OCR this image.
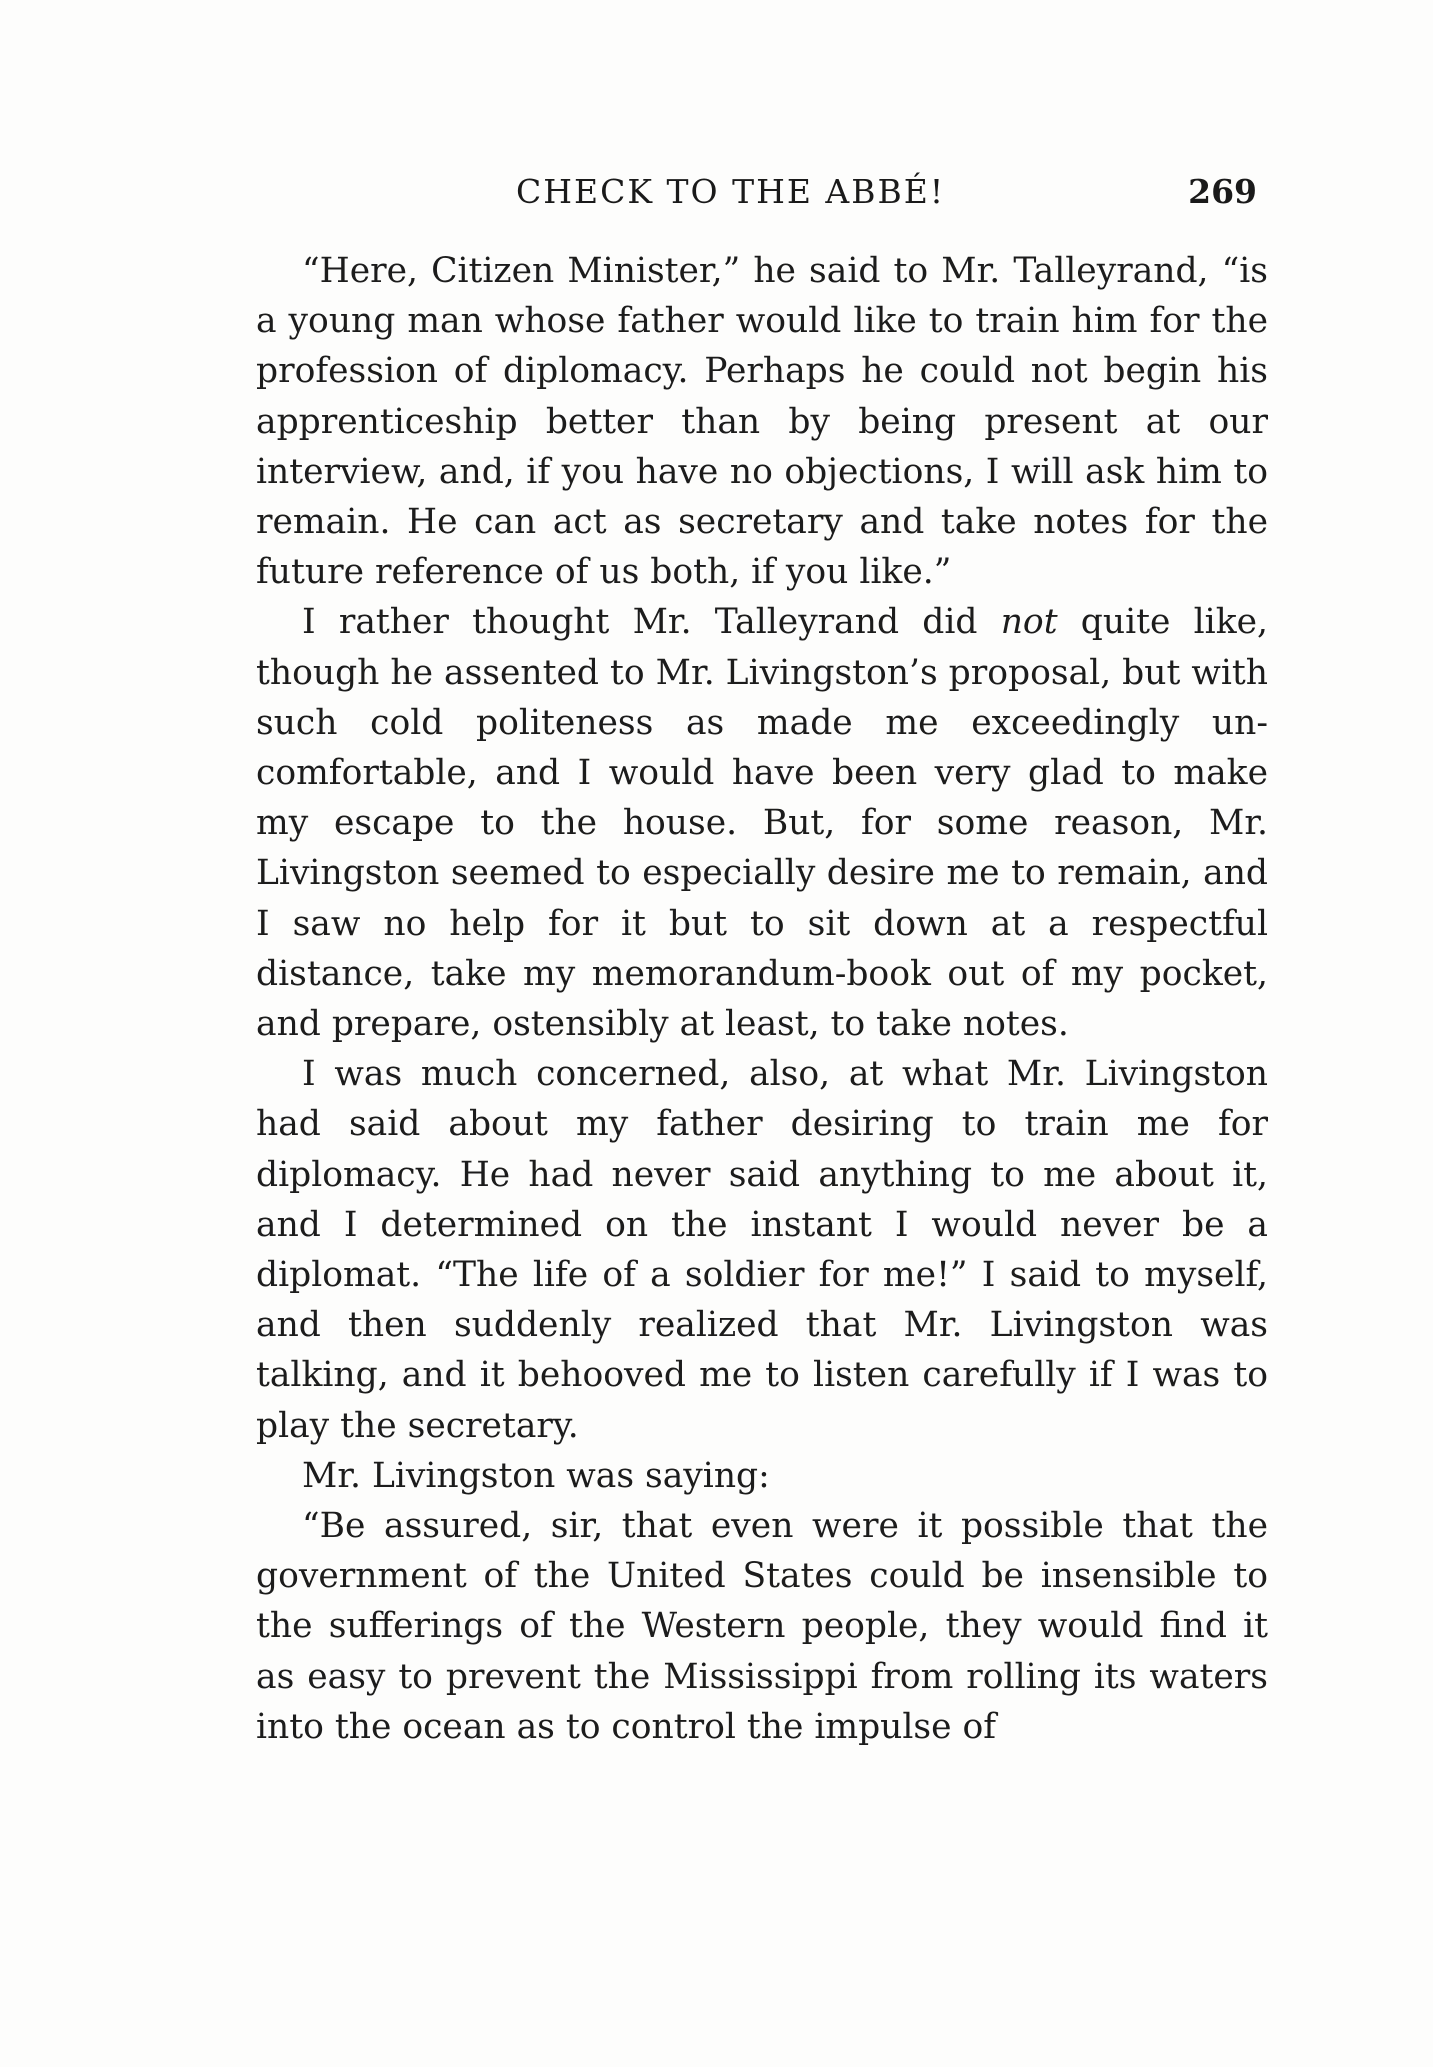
CHECK TO THE ABBÉ!	269

“Here, Citizen Minister,” he said to Mr. Talleyrand, “is a young man whose father would like to train him for the profession of diplomacy. Perhaps he could not begin his apprenticeship better than by being present at our interview, and, if you have no objections, I will ask him to remain. He can act as secretary and take notes for the future reference of us both, if you like.”

I rather thought Mr. Talleyrand did not quite like, though he assented to Mr. Livingston’s proposal, but with such cold politeness as made me exceedingly uncomfortable, and I would have been very glad to make my escape to the house. But, for some reason, Mr. Livingston seemed to especially desire me to remain, and I saw no help for it but to sit down at a respectful distance, take my memorandum-book out of my pocket, and prepare, ostensibly at least, to take notes.

I was much concerned, also, at what Mr. Livingston had said about my father desiring to train me for diplomacy. He had never said anything to me about it, and I determined on the instant I would never be a diplomat. “The life of a soldier for me!” I said to myself, and then suddenly realized that Mr. Livingston was talking, and it behooved me to listen carefully if I was to play the secretary.

Mr. Livingston was saying:

“Be assured, sir, that even were it possible that the government of the United States could be insensible to the sufferings of the Western people, they would find it as easy to prevent the Mississippi from rolling its waters into the ocean as to control the impulse of
